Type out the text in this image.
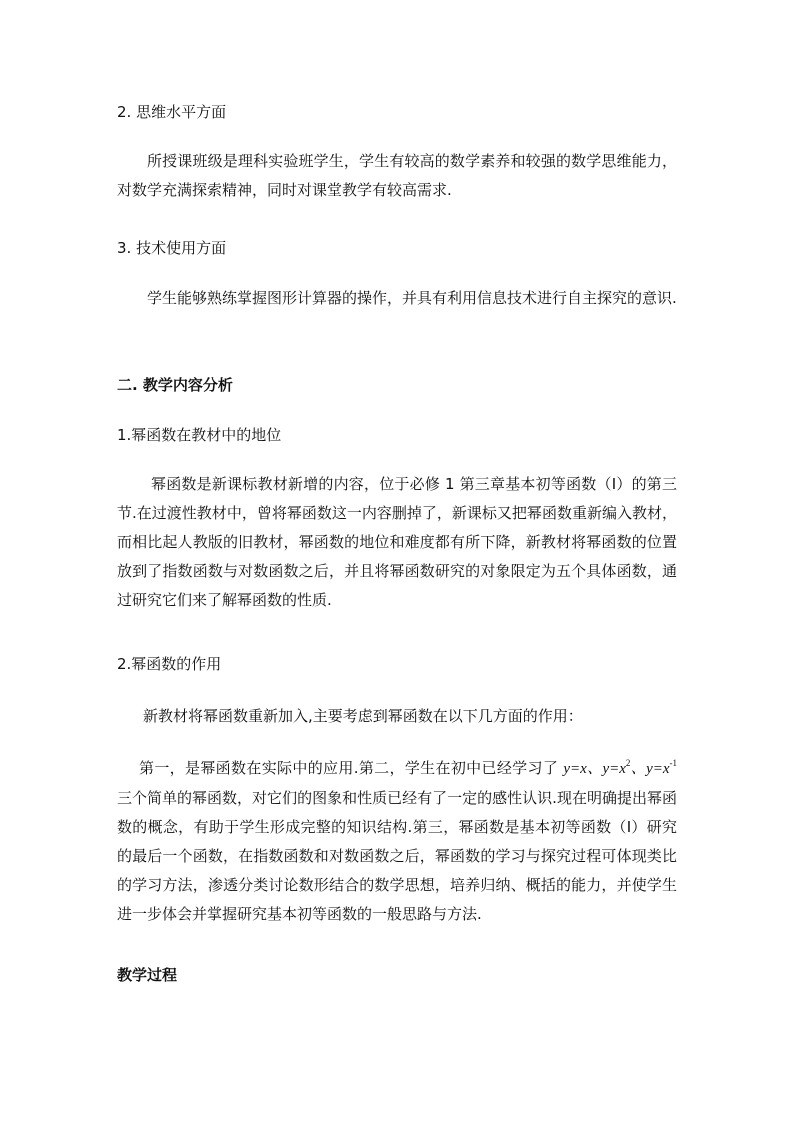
2. 思维水平方面

所授课班级是理科实验班学生，学生有较高的数学素养和较强的数学思维能力，对数学充满探索精神，同时对课堂教学有较高需求.

3. 技术使用方面

学生能够熟练掌握图形计算器的操作，并具有利用信息技术进行自主探究的意识.

二. 教学内容分析

1.幂函数在教材中的地位

幂函数是新课标教材新增的内容，位于必修 1 第三章基本初等函数（Ⅰ）的第三节.在过渡性教材中，曾将幂函数这一内容删掉了，新课标又把幂函数重新编入教材，而相比起人教版的旧教材，幂函数的地位和难度都有所下降，新教材将幂函数的位置放到了指数函数与对数函数之后，并且将幂函数研究的对象限定为五个具体函数，通过研究它们来了解幂函数的性质.

2.幂函数的作用

新教材将幂函数重新加入,主要考虑到幂函数在以下几方面的作用：

第一，是幂函数在实际中的应用.第二，学生在初中已经学习了 y=x、$y=x^2$、$y=x^{-1}$三个简单的幂函数，对它们的图象和性质已经有了一定的感性认识.现在明确提出幂函数的概念，有助于学生形成完整的知识结构.第三，幂函数是基本初等函数（Ⅰ）研究的最后一个函数，在指数函数和对数函数之后，幂函数的学习与探究过程可体现类比的学习方法，渗透分类讨论数形结合的数学思想，培养归纳、概括的能力，并使学生进一步体会并掌握研究基本初等函数的一般思路与方法.

教学过程
